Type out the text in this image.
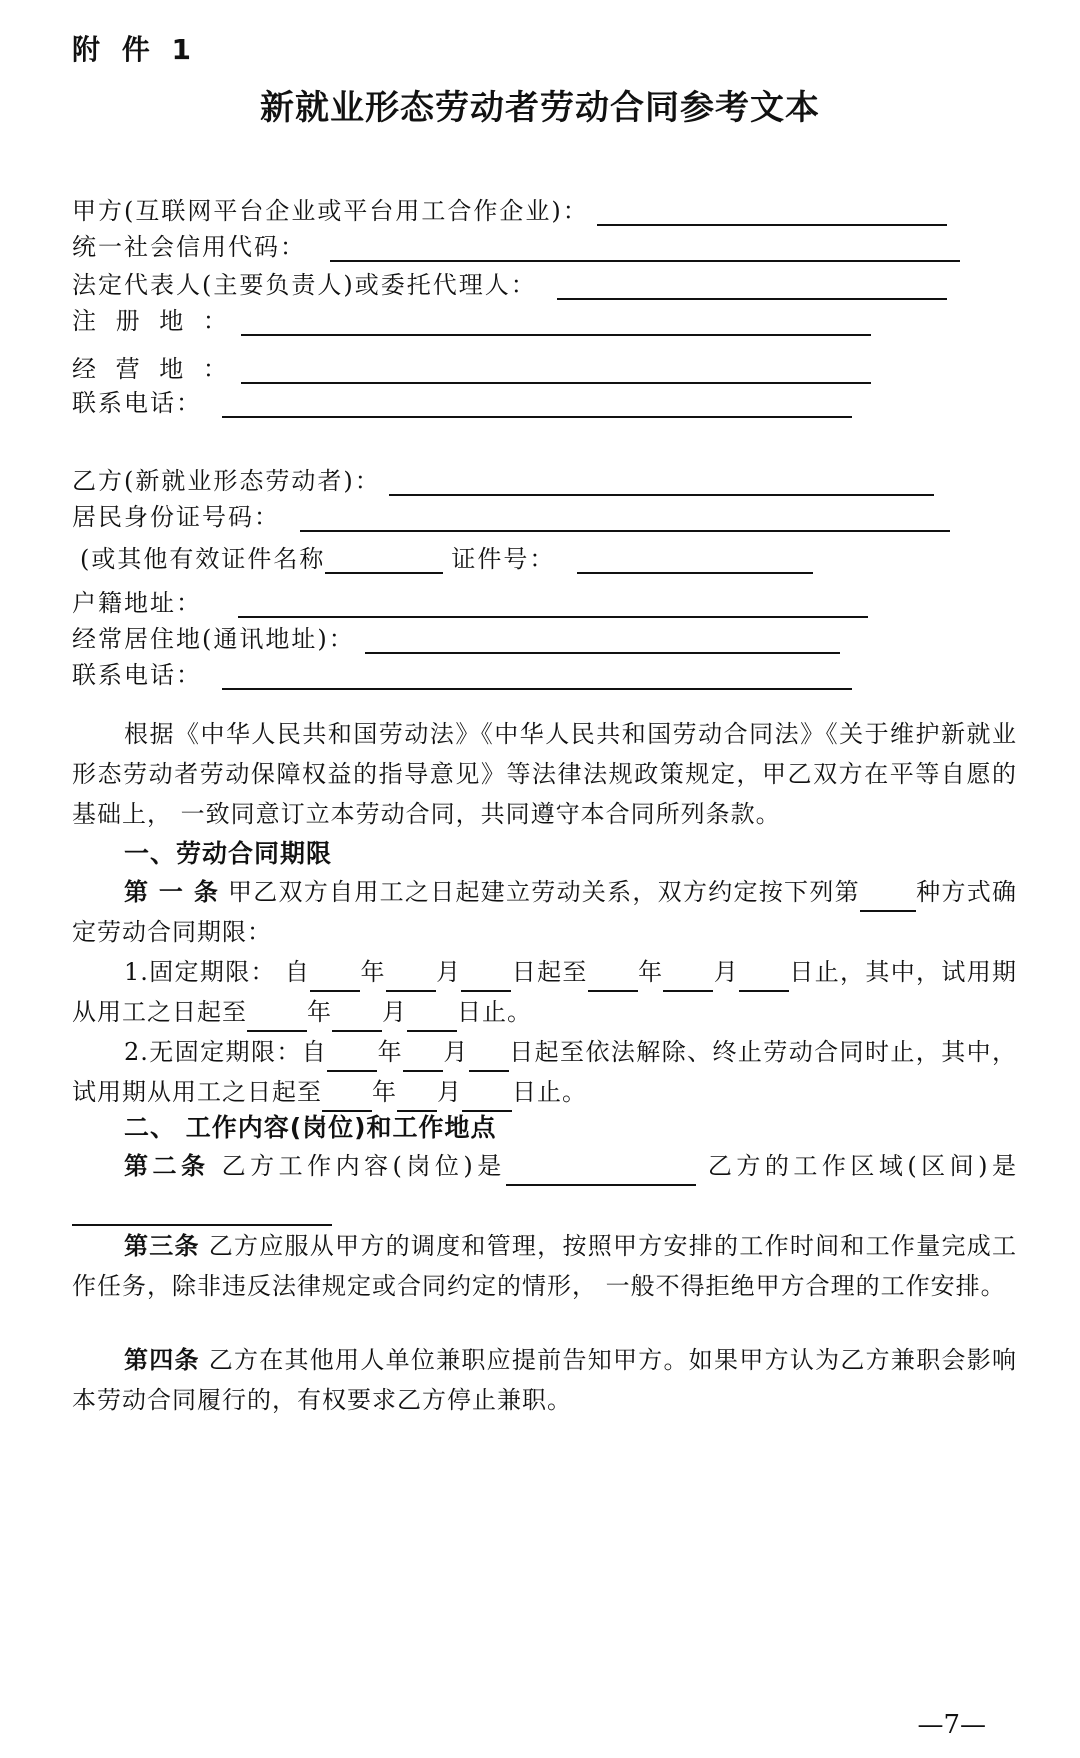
附 件 1
新就业形态劳动者劳动合同参考文本
甲方(互联网平台企业或平台用工合作企业)：
统一社会信用代码：
法定代表人(主要负责人)或委托代理人：
注 册 地 ：
经 营 地 ：
联系电话：
乙方(新就业形态劳动者)：
居民身份证号码：
(或其他有效证件名称	证件号：
户籍地址：
经常居住地(通讯地址)：
联系电话：
根据《中华人民共和国劳动法》《中华人民共和国劳动合同法》《关于维护新就业形态劳动者劳动保障权益的指导意见》等法律法规政策规定，甲乙双方在平等自愿的基础上， 一致同意订立本劳动合同，共同遵守本合同所列条款。
一、劳动合同期限
第 一 条 甲乙双方自用工之日起建立劳动关系，双方约定按下列第 种方式确定劳动合同期限：
1.固定期限： 自 年 月 日起至 年 月 日止，其中，试用期从用工之日起至	年 月 日止。
2.无固定期限：自 年 月 日起至依法解除、终止劳动合同时止，其中，试用期从用工之日起至 年 月 日止。
二、 工作内容(岗位)和工作地点
第二条 乙方工作内容(岗位)是	乙方的工作区域(区间)是
第三条 乙方应服从甲方的调度和管理，按照甲方安排的工作时间和工作量完成工作任务，除非违反法律规定或合同约定的情形， 一般不得拒绝甲方合理的工作安排。
第四条 乙方在其他用人单位兼职应提前告知甲方。如果甲方认为乙方兼职会影响本劳动合同履行的，有权要求乙方停止兼职。
—7—
